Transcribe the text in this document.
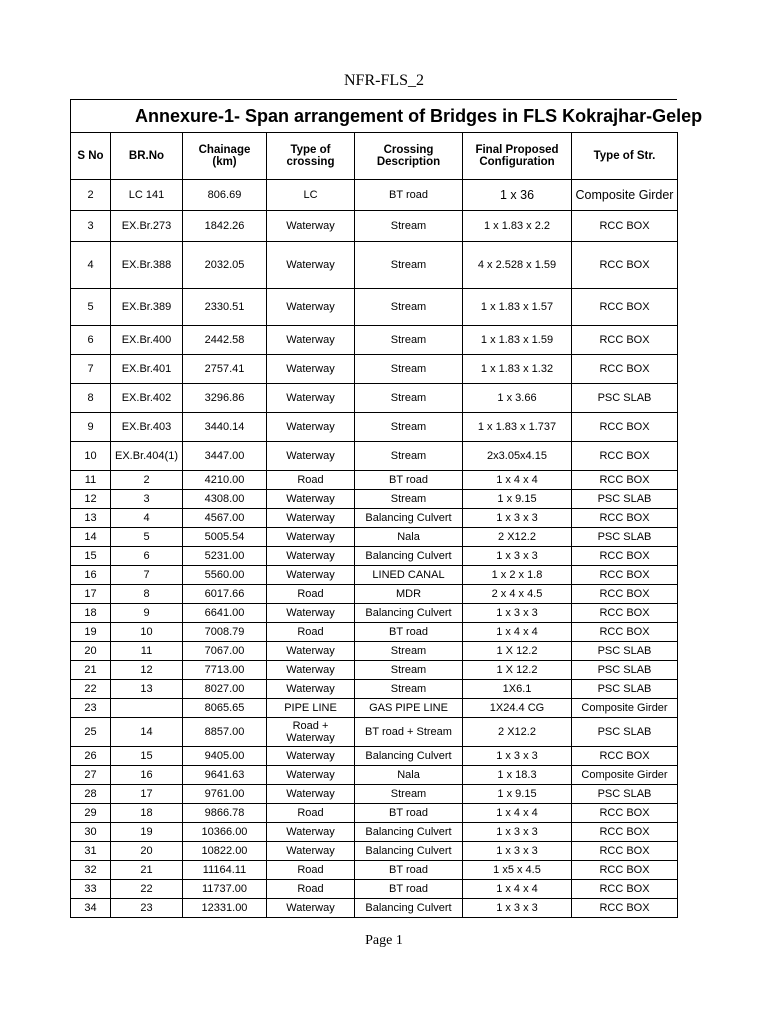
NFR-FLS_2
Annexure-1- Span arrangement of Bridges in FLS Kokrajhar-Gelep
S No	BR.No	Chainage (km)	Type of crossing	Crossing Description	Final Proposed Configuration	Type of Str.
2	LC 141	806.69	LC	BT road	1 x 36	Composite Girder
3	EX.Br.273	1842.26	Waterway	Stream	1 x 1.83 x 2.2	RCC BOX
4	EX.Br.388	2032.05	Waterway	Stream	4 x 2.528 x 1.59	RCC BOX
5	EX.Br.389	2330.51	Waterway	Stream	1 x 1.83 x 1.57	RCC BOX
6	EX.Br.400	2442.58	Waterway	Stream	1 x 1.83 x 1.59	RCC BOX
7	EX.Br.401	2757.41	Waterway	Stream	1 x 1.83 x 1.32	RCC BOX
8	EX.Br.402	3296.86	Waterway	Stream	1 x 3.66	PSC SLAB
9	EX.Br.403	3440.14	Waterway	Stream	1 x 1.83 x 1.737	RCC BOX
10	EX.Br.404(1)	3447.00	Waterway	Stream	2x3.05x4.15	RCC BOX
11	2	4210.00	Road	BT road	1 x 4 x 4	RCC BOX
12	3	4308.00	Waterway	Stream	1 x 9.15	PSC SLAB
13	4	4567.00	Waterway	Balancing Culvert	1 x 3 x 3	RCC BOX
14	5	5005.54	Waterway	Nala	2 X12.2	PSC SLAB
15	6	5231.00	Waterway	Balancing Culvert	1 x 3 x 3	RCC BOX
16	7	5560.00	Waterway	LINED CANAL	1 x 2 x 1.8	RCC BOX
17	8	6017.66	Road	MDR	2 x 4 x 4.5	RCC BOX
18	9	6641.00	Waterway	Balancing Culvert	1 x 3 x 3	RCC BOX
19	10	7008.79	Road	BT road	1 x 4 x 4	RCC BOX
20	11	7067.00	Waterway	Stream	1 X 12.2	PSC SLAB
21	12	7713.00	Waterway	Stream	1 X 12.2	PSC SLAB
22	13	8027.00	Waterway	Stream	1X6.1	PSC SLAB
23		8065.65	PIPE LINE	GAS PIPE LINE	1X24.4 CG	Composite Girder
25	14	8857.00	Road + Waterway	BT road + Stream	2 X12.2	PSC SLAB
26	15	9405.00	Waterway	Balancing Culvert	1 x 3 x 3	RCC BOX
27	16	9641.63	Waterway	Nala	1 x 18.3	Composite Girder
28	17	9761.00	Waterway	Stream	1 x 9.15	PSC SLAB
29	18	9866.78	Road	BT road	1 x 4 x 4	RCC BOX
30	19	10366.00	Waterway	Balancing Culvert	1 x 3 x 3	RCC BOX
31	20	10822.00	Waterway	Balancing Culvert	1 x 3 x 3	RCC BOX
32	21	11164.11	Road	BT road	1 x5 x 4.5	RCC BOX
33	22	11737.00	Road	BT road	1 x 4 x 4	RCC BOX
34	23	12331.00	Waterway	Balancing Culvert	1 x 3 x 3	RCC BOX
Page 1
